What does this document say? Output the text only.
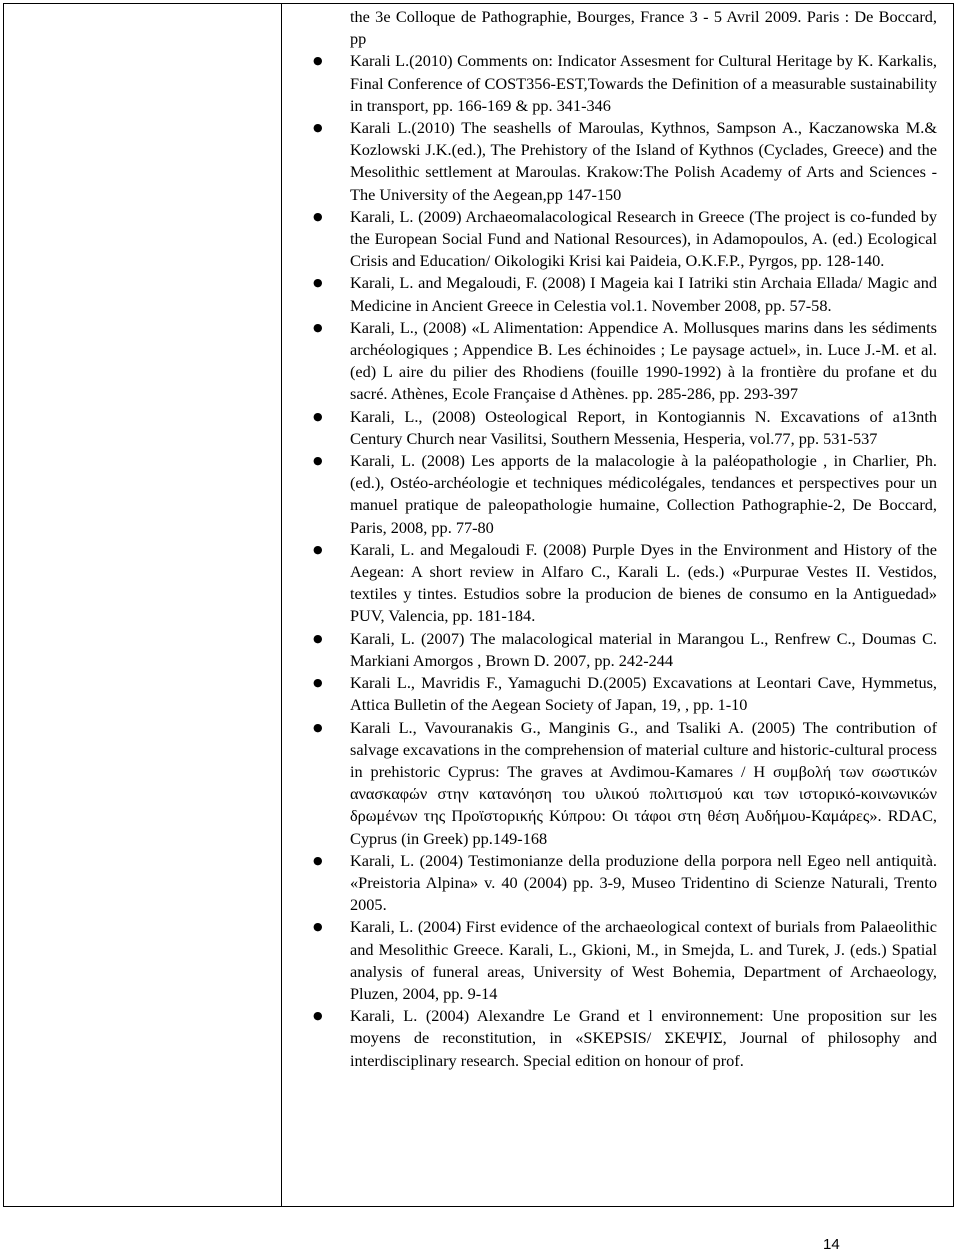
the 3e Colloque de Pathographie, Bourges, France 3 - 5 Avril 2009. Paris : De Boccard, pp
● Karali L.(2010) Comments on: Indicator Assesment for Cultural Heritage by K. Karkalis, Final Conference of COST356-EST,Towards the Definition of a measurable sustainability in transport, pp. 166-169 & pp. 341-346
● Karali L.(2010) The seashells of Maroulas, Kythnos, Sampson A., Kaczanowska M.& Kozlowski J.K.(ed.), The Prehistory of the Island of Kythnos (Cyclades, Greece) and the Mesolithic settlement at Maroulas. Krakow:The Polish Academy of Arts and Sciences - The University of the Aegean,pp 147-150
● Karali, L. (2009) Archaeomalacological Research in Greece (The project is co-funded by the European Social Fund and National Resources), in Adamopoulos, A. (ed.) Ecological Crisis and Education/ Oikologiki Krisi kai Paideia, O.K.F.P., Pyrgos, pp. 128-140.
● Karali, L. and Megaloudi, F. (2008) I Mageia kai I Iatriki stin Archaia Ellada/ Magic and Medicine in Ancient Greece in Celestia vol.1. November 2008, pp. 57-58.
● Karali, L., (2008) «L Alimentation: Appendice A. Mollusques marins dans les sédiments archéologiques ; Appendice B. Les échinoides ; Le paysage actuel», in. Luce J.-M. et al. (ed) L aire du pilier des Rhodiens (fouille 1990-1992) à la frontière du profane et du sacré. Athènes, Ecole Française d Athènes. pp. 285-286, pp. 293-397
● Karali, L., (2008) Osteological Report, in Kontogiannis N. Excavations of a13nth Century Church near Vasilitsi, Southern Messenia, Hesperia, vol.77, pp. 531-537
● Karali, L. (2008) Les apports de la malacologie à la paléopathologie , in Charlier, Ph. (ed.), Ostéo-archéologie et techniques médicolégales, tendances et perspectives pour un manuel pratique de paleopathologie humaine, Collection Pathographie-2, De Boccard, Paris, 2008, pp. 77-80
● Karali, L. and Megaloudi F. (2008) Purple Dyes in the Environment and History of the Aegean: A short review in Alfaro C., Karali L. (eds.) «Purpurae Vestes II. Vestidos, textiles y tintes. Estudios sobre la producion de bienes de consumo en la Antiguedad» PUV, Valencia, pp. 181-184.
● Karali, L. (2007) The malacological material in Marangou L., Renfrew C., Doumas C. Markiani Amorgos , Brown D. 2007, pp. 242-244
● Karali L., Mavridis F., Yamaguchi D.(2005) Excavations at Leontari Cave, Hymmetus, Attica Bulletin of the Aegean Society of Japan, 19, , pp. 1-10
● Karali L., Vavouranakis G., Manginis G., and Tsaliki A. (2005) The contribution of salvage excavations in the comprehension of material culture and historic-cultural process in prehistoric Cyprus: The graves at Avdimou-Kamares / Η συμβολή των σωστικών ανασκαφών στην κατανόηση του υλικού πολιτισμού και των ιστορικό-κοινωνικών δρωμένων της Προϊστορικής Κύπρου: Οι τάφοι στη θέση Αυδήμου-Καμάρες». RDAC, Cyprus (in Greek) pp.149-168
● Karali, L. (2004) Testimonianze della produzione della porpora nell Egeo nell antiquità. «Preistoria Alpina» v. 40 (2004) pp. 3-9, Museo Tridentino di Scienze Naturali, Trento 2005.
● Karali, L. (2004) First evidence of the archaeological context of burials from Palaeolithic and Mesolithic Greece. Karali, L., Gkioni, M., in Smejda, L. and Turek, J. (eds.) Spatial analysis of funeral areas, University of West Bohemia, Department of Archaeology, Pluzen, 2004, pp. 9-14
● Karali, L. (2004) Alexandre Le Grand et l environnement: Une proposition sur les moyens de reconstitution, in «SKEPSIS/ ΣΚΕΨΙΣ, Journal of philosophy and interdisciplinary research. Special edition on honour of prof.
14
